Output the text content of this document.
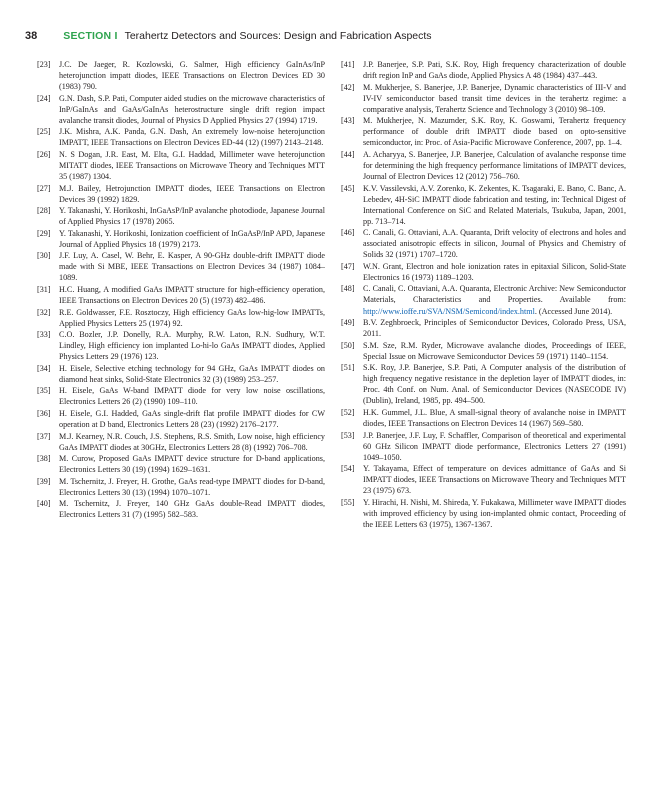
38 SECTION I Terahertz Detectors and Sources: Design and Fabrication Aspects
[23] J.C. De Jaeger, R. Kozlowski, G. Salmer, High efficiency GaInAs/InP heterojunction impatt diodes, IEEE Transactions on Electron Devices ED 30 (1983) 790.
[24] G.N. Dash, S.P. Pati, Computer aided studies on the microwave characteristics of InP/GaInAs and GaAs/GaInAs heterostructure single drift region impact avalanche transit diodes, Journal of Physics D Applied Physics 27 (1994) 1719.
[25] J.K. Mishra, A.K. Panda, G.N. Dash, An extremely low-noise heterojunction IMPATT, IEEE Transactions on Electron Devices ED-44 (12) (1997) 2143–2148.
[26] N. S Dogan, J.R. East, M. Elta, G.I. Haddad, Millimeter wave heterojunction MITATT diodes, IEEE Transactions on Microwave Theory and Techniques MTT 35 (1987) 1304.
[27] M.J. Bailey, Hetrojunction IMPATT diodes, IEEE Transactions on Electron Devices 39 (1992) 1829.
[28] Y. Takanashi, Y. Horikoshi, InGaAsP/InP avalanche photodiode, Japanese Journal of Applied Physics 17 (1978) 2065.
[29] Y. Takanashi, Y. Horikoshi, Ionization coefficient of InGaAsP/InP APD, Japanese Journal of Applied Physics 18 (1979) 2173.
[30] J.F. Luy, A. Casel, W. Behr, E. Kasper, A 90-GHz double-drift IMPATT diode made with Si MBE, IEEE Transactions on Electron Devices 34 (1987) 1084–1089.
[31] H.C. Huang, A modified GaAs IMPATT structure for high-efficiency operation, IEEE Transactions on Electron Devices 20 (5) (1973) 482–486.
[32] R.E. Goldwasser, F.E. Rosztoczy, High efficiency GaAs low-hig-low IMPATTs, Applied Physics Letters 25 (1974) 92.
[33] C.O. Bozler, J.P. Donelly, R.A. Murphy, R.W. Laton, R.N. Sudhury, W.T. Lindley, High efficiency ion implanted Lo-hi-lo GaAs IMPATT diodes, Applied Physics Letters 29 (1976) 123.
[34] H. Eisele, Selective etching technology for 94 GHz, GaAs IMPATT diodes on diamond heat sinks, Solid-State Electronics 32 (3) (1989) 253–257.
[35] H. Eisele, GaAs W-band IMPATT diode for very low noise oscillations, Electronics Letters 26 (2) (1990) 109–110.
[36] H. Eisele, G.I. Hadded, GaAs single-drift flat profile IMPATT diodes for CW operation at D band, Electronics Letters 28 (23) (1992) 2176–2177.
[37] M.J. Kearney, N.R. Couch, J.S. Stephens, R.S. Smith, Low noise, high efficiency GaAs IMPATT diodes at 30GHz, Electronics Letters 28 (8) (1992) 706–708.
[38] M. Curow, Proposed GaAs IMPATT device structure for D-band applications, Electronics Letters 30 (19) (1994) 1629–1631.
[39] M. Tschernitz, J. Freyer, H. Grothe, GaAs read-type IMPATT diodes for D-band, Electronics Letters 30 (13) (1994) 1070–1071.
[40] M. Tschernitz, J. Freyer, 140 GHz GaAs double-Read IMPATT diodes, Electronics Letters 31 (7) (1995) 582–583.
[41] J.P. Banerjee, S.P. Pati, S.K. Roy, High frequency characterization of double drift region InP and GaAs diode, Applied Physics A 48 (1984) 437–443.
[42] M. Mukherjee, S. Banerjee, J.P. Banerjee, Dynamic characteristics of III-V and IV-IV semiconductor based transit time devices in the terahertz regime: a comparative analysis, Terahertz Science and Technology 3 (2010) 98–109.
[43] M. Mukherjee, N. Mazumder, S.K. Roy, K. Goswami, Terahertz frequency performance of double drift IMPATT diode based on opto-sensitive semiconductor, in: Proc. of Asia-Pacific Microwave Conference, 2007, pp. 1–4.
[44] A. Acharyya, S. Banerjee, J.P. Banerjee, Calculation of avalanche response time for determining the high frequency performance limitations of IMPATT devices, Journal of Electron Devices 12 (2012) 756–760.
[45] K.V. Vassilevski, A.V. Zorenko, K. Zekentes, K. Tsagaraki, E. Bano, C. Banc, A. Lebedev, 4H-SiC IMPATT diode fabrication and testing, in: Technical Digest of International Conference on SiC and Related Materials, Tsukuba, Japan, 2001, pp. 713–714.
[46] C. Canali, G. Ottaviani, A.A. Quaranta, Drift velocity of electrons and holes and associated anisotropic effects in silicon, Journal of Physics and Chemistry of Solids 32 (1971) 1707–1720.
[47] W.N. Grant, Electron and hole ionization rates in epitaxial Silicon, Solid-State Electronics 16 (1973) 1189–1203.
[48] C. Canali, C. Ottaviani, A.A. Quaranta, Electronic Archive: New Semiconductor Materials, Characteristics and Properties. Available from: http://www.ioffe.ru/SVA/NSM/Semicond/index.html. (Accessed June 2014).
[49] B.V. Zeghbroeck, Principles of Semiconductor Devices, Colorado Press, USA, 2011.
[50] S.M. Sze, R.M. Ryder, Microwave avalanche diodes, Proceedings of IEEE, Special Issue on Microwave Semiconductor Devices 59 (1971) 1140–1154.
[51] S.K. Roy, J.P. Banerjee, S.P. Pati, A Computer analysis of the distribution of high frequency negative resistance in the depletion layer of IMPATT diodes, in: Proc. 4th Conf. on Num. Anal. of Semiconductor Devices (NASECODE IV) (Dublin), Ireland, 1985, pp. 494–500.
[52] H.K. Gummel, J.L. Blue, A small-signal theory of avalanche noise in IMPATT diodes, IEEE Transactions on Electron Devices 14 (1967) 569–580.
[53] J.P. Banerjee, J.F. Luy, F. Schaffler, Comparison of theoretical and experimental 60 GHz Silicon IMPATT diode performance, Electronics Letters 27 (1991) 1049–1050.
[54] Y. Takayama, Effect of temperature on devices admittance of GaAs and Si IMPATT diodes, IEEE Transactions on Microwave Theory and Techniques MTT 23 (1975) 673.
[55] Y. Hirachi, H. Nishi, M. Shireda, Y. Fukakawa, Millimeter wave IMPATT diodes with improved efficiency by using ion-implanted ohmic contact, Proceeding of the IEEE Letters 63 (1975), 1367-1367.
